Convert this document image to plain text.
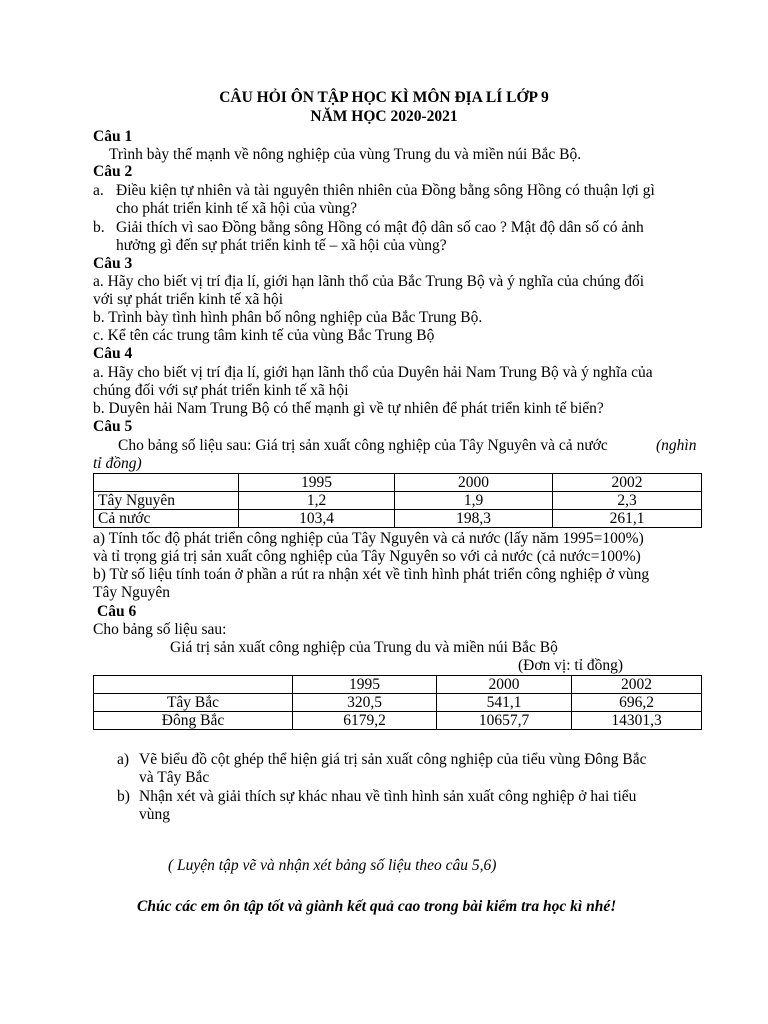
CÂU HỎI ÔN TẬP HỌC KÌ MÔN ĐỊA LÍ LỚP 9
NĂM HỌC 2020-2021
Câu 1
Trình bày thế mạnh về nông nghiệp của vùng Trung du và miền núi Bắc Bộ.
Câu 2
a. Điều kiện tự nhiên và tài nguyên thiên nhiên của Đồng bằng sông Hồng có thuận lợi gì
cho phát triển kinh tế xã hội của vùng?
b. Giải thích vì sao Đồng bằng sông Hồng có mật độ dân số cao ? Mật độ dân số có ảnh
hưởng gì đến sự phát triển kinh tế – xã hội của vùng?
Câu 3
a. Hãy cho biết vị trí địa lí, giới hạn lãnh thổ của Bắc Trung Bộ và ý nghĩa của chúng đối
với sự phát triển kinh tế xã hội
b. Trình bày tình hình phân bố nông nghiệp của Bắc Trung Bộ.
c. Kể tên các trung tâm kinh tế của vùng Bắc Trung Bộ
Câu 4
a. Hãy cho biết vị trí địa lí, giới hạn lãnh thổ của Duyên hải Nam Trung Bộ và ý nghĩa của
chúng đối với sự phát triển kinh tế xã hội
b. Duyên hải Nam Trung Bộ có thế mạnh gì về tự nhiên để phát triển kinh tế biển?
Câu 5
Cho bảng số liệu sau: Giá trị sản xuất công nghiệp của Tây Nguyên và cả nước	(nghìn
tỉ đồng)
	1995	2000	2002
Tây Nguyên	1,2	1,9	2,3
Cả nước	103,4	198,3	261,1
a) Tính tốc độ phát triển công nghiệp của Tây Nguyên và cả nước (lấy năm 1995=100%)
và tỉ trọng giá trị sản xuất công nghiệp của Tây Nguyên so với cả nước (cả nước=100%)
b) Từ số liệu tính toán ở phần a rút ra nhận xét về tình hình phát triển công nghiệp ở vùng
Tây Nguyên
Câu 6
Cho bảng số liệu sau:
Giá trị sản xuất công nghiệp của Trung du và miền núi Bắc Bộ
(Đơn vị: tỉ đồng)
	1995	2000	2002
Tây Bắc	320,5	541,1	696,2
Đông Bắc	6179,2	10657,7	14301,3
a) Vẽ biểu đồ cột ghép thể hiện giá trị sản xuất công nghiệp của tiểu vùng Đông Bắc
và Tây Bắc
b) Nhận xét và giải thích sự khác nhau về tình hình sản xuất công nghiệp ở hai tiểu
vùng
( Luyện tập vẽ và nhận xét bảng số liệu theo câu 5,6)
Chúc các em ôn tập tốt và giành kết quả cao trong bài kiểm tra học kì nhé!
